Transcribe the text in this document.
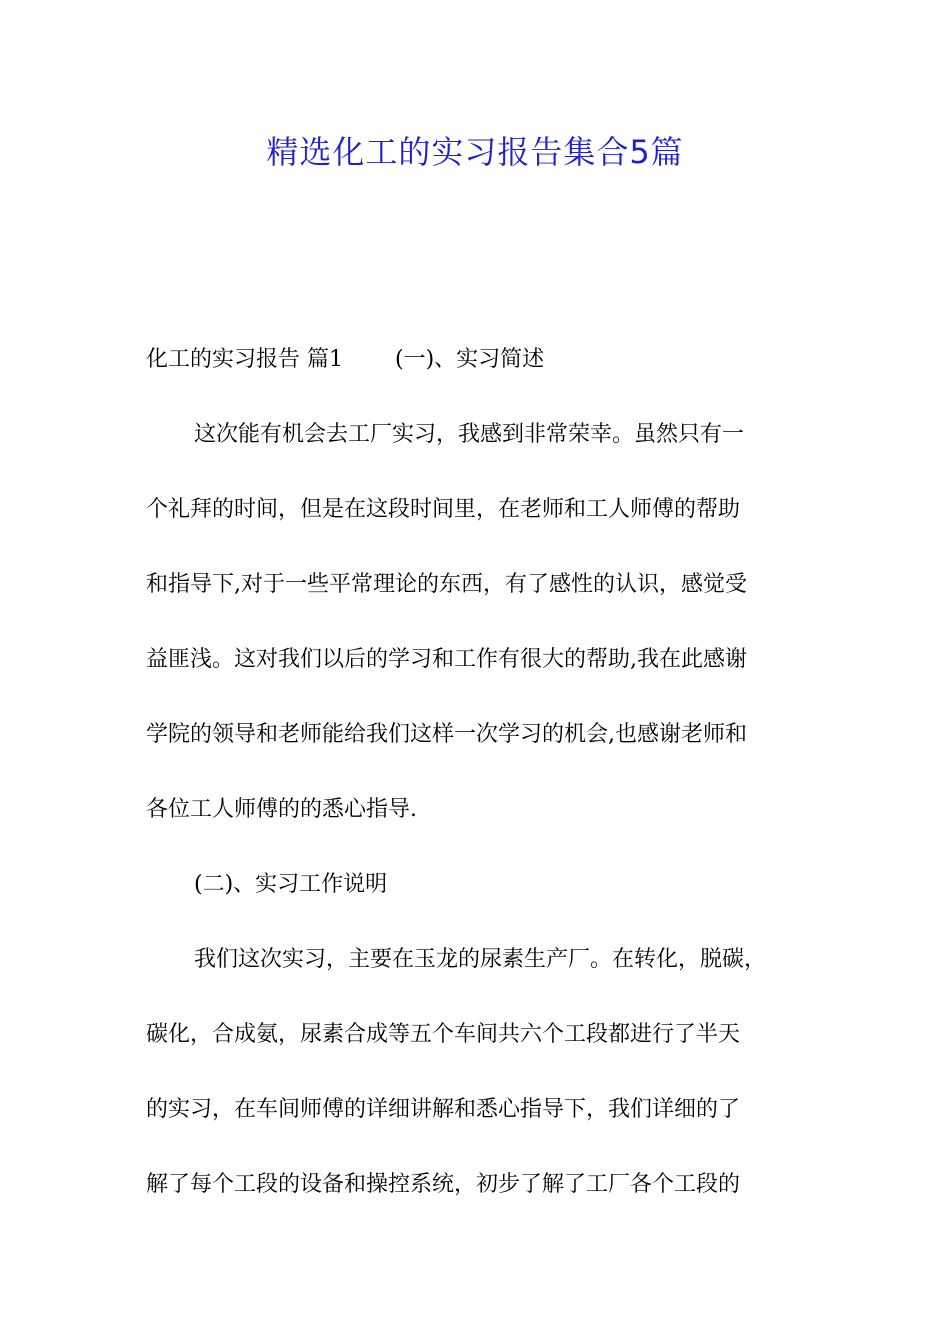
精选化工的实习报告集合5篇
化工的实习报告 篇1 (一)、实习简述
这次能有机会去工厂实习，我感到非常荣幸。虽然只有一
个礼拜的时间，但是在这段时间里，在老师和工人师傅的帮助
和指导下,对于一些平常理论的东西，有了感性的认识，感觉受
益匪浅。这对我们以后的学习和工作有很大的帮助,我在此感谢
学院的领导和老师能给我们这样一次学习的机会,也感谢老师和
各位工人师傅的的悉心指导.
(二)、实习工作说明
我们这次实习，主要在玉龙的尿素生产厂。在转化，脱碳，
碳化，合成氨，尿素合成等五个车间共六个工段都进行了半天
的实习，在车间师傅的详细讲解和悉心指导下，我们详细的了
解了每个工段的设备和操控系统，初步了解了工厂各个工段的
